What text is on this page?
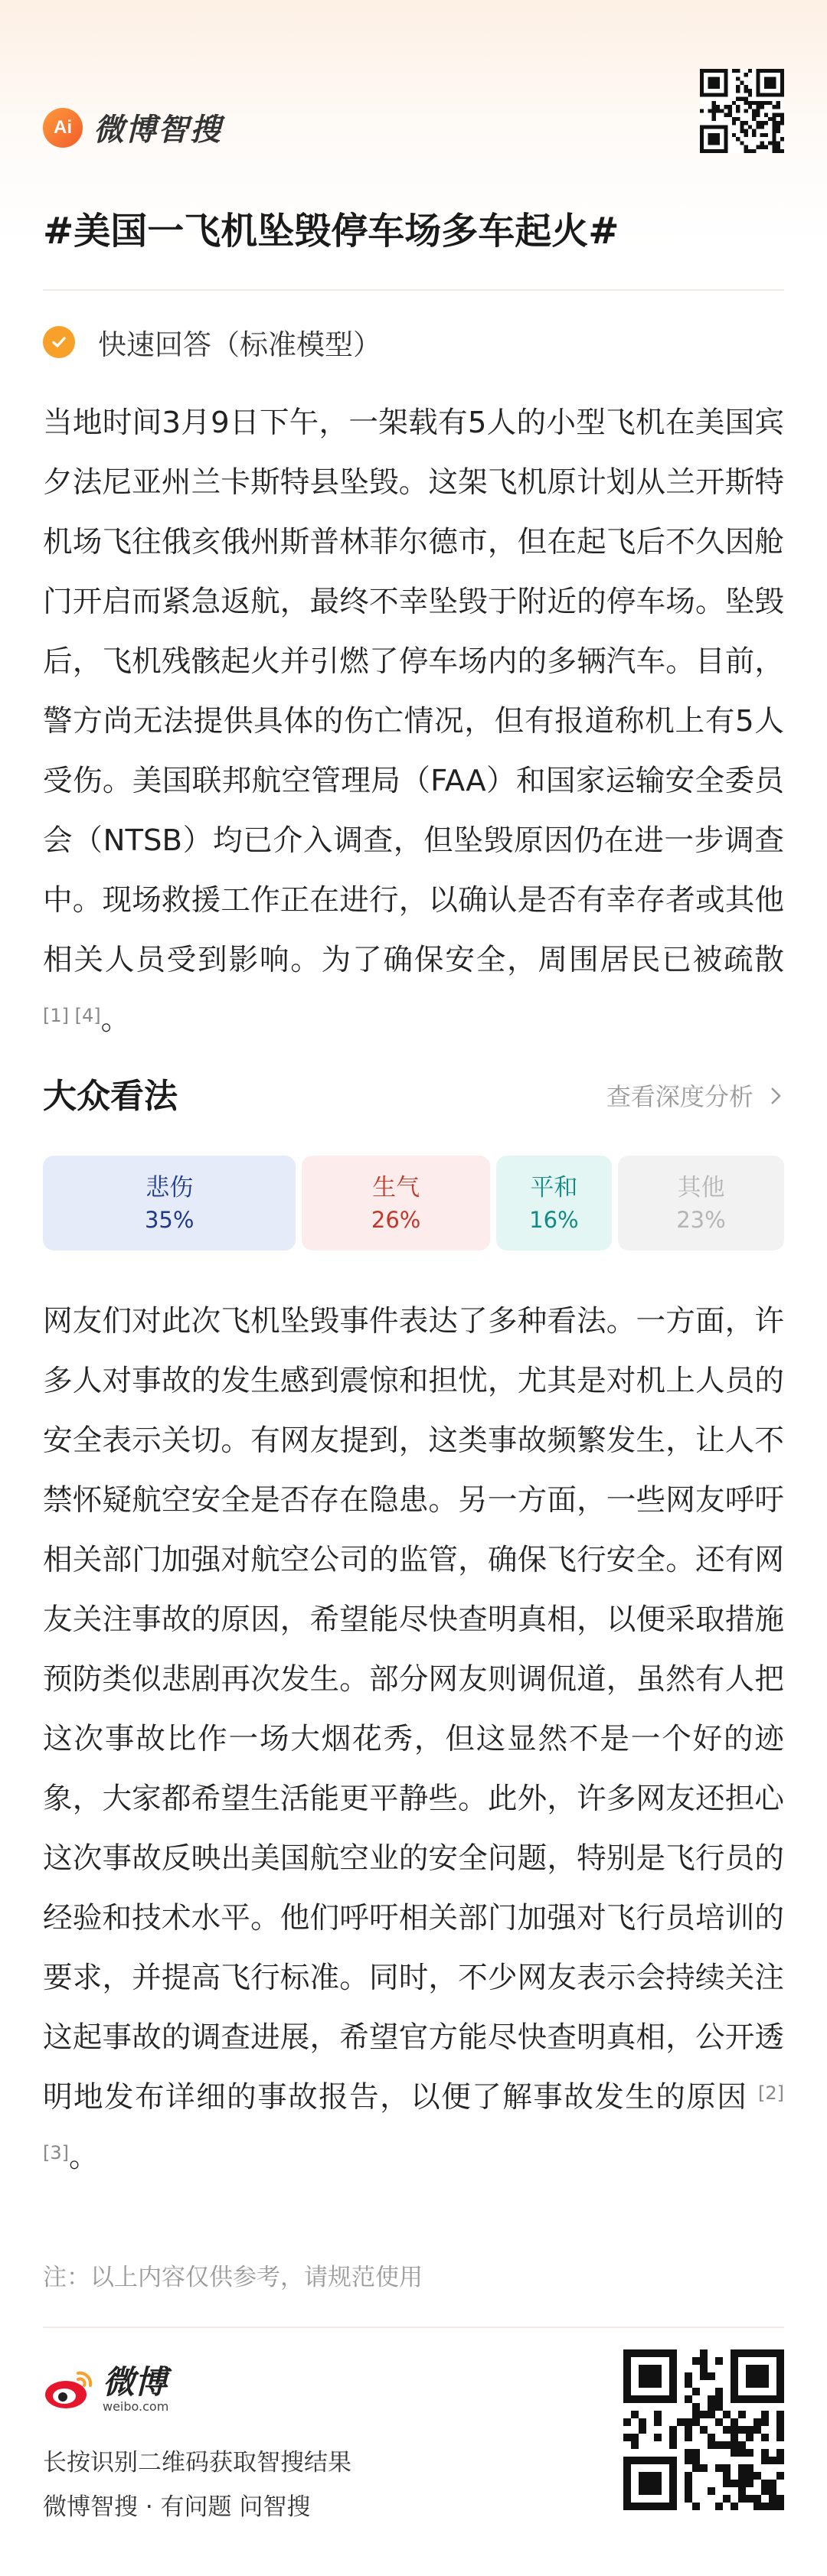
Ai 微博智搜
#美国一飞机坠毁停车场多车起火#
快速回答（标准模型）
当地时间3月9日下午，一架载有5人的小型飞机在美国宾夕法尼亚州兰卡斯特县坠毁。这架飞机原计划从兰开斯特机场飞往俄亥俄州斯普林菲尔德市，但在起飞后不久因舱门开启而紧急返航，最终不幸坠毁于附近的停车场。坠毁后，飞机残骸起火并引燃了停车场内的多辆汽车。目前，警方尚无法提供具体的伤亡情况，但有报道称机上有5人受伤。美国联邦航空管理局（FAA）和国家运输安全委员会（NTSB）均已介入调查，但坠毁原因仍在进一步调查中。现场救援工作正在进行，以确认是否有幸存者或其他相关人员受到影响。为了确保安全，周围居民已被疏散 [1] [4]。
大众看法	查看深度分析
悲伤
35%
生气
26%
平和
16%
其他
23%
网友们对此次飞机坠毁事件表达了多种看法。一方面，许多人对事故的发生感到震惊和担忧，尤其是对机上人员的安全表示关切。有网友提到，这类事故频繁发生，让人不禁怀疑航空安全是否存在隐患。另一方面，一些网友呼吁相关部门加强对航空公司的监管，确保飞行安全。还有网友关注事故的原因，希望能尽快查明真相，以便采取措施预防类似悲剧再次发生。部分网友则调侃道，虽然有人把这次事故比作一场大烟花秀，但这显然不是一个好的迹象，大家都希望生活能更平静些。此外，许多网友还担心这次事故反映出美国航空业的安全问题，特别是飞行员的经验和技术水平。他们呼吁相关部门加强对飞行员培训的要求，并提高飞行标准。同时，不少网友表示会持续关注这起事故的调查进展，希望官方能尽快查明真相，公开透明地发布详细的事故报告，以便了解事故发生的原因 [2] [3]。
注：以上内容仅供参考，请规范使用
微博
weibo.com
长按识别二维码获取智搜结果
微博智搜 · 有问题 问智搜
